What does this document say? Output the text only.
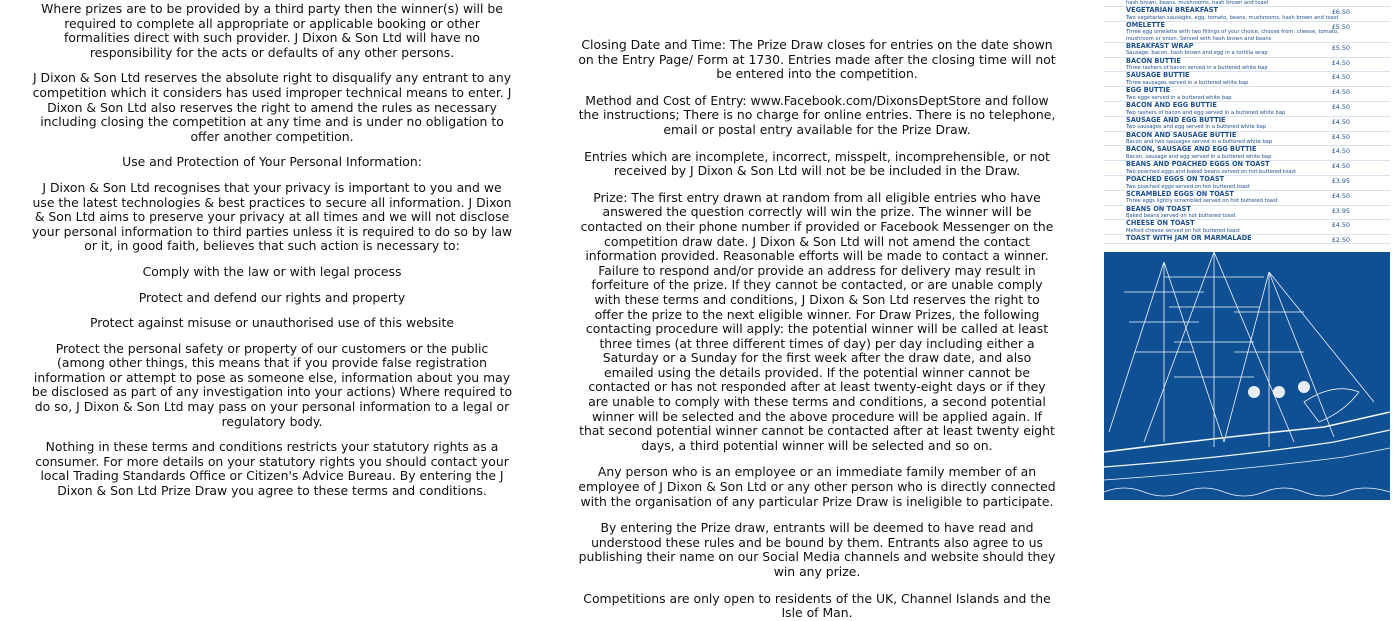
Where prizes are to be provided by a third party then the winner(s) will be required to complete all appropriate or applicable booking or other formalities direct with such provider. J Dixon & Son Ltd will have no responsibility for the acts or defaults of any other persons.

J Dixon & Son Ltd reserves the absolute right to disqualify any entrant to any competition which it considers has used improper technical means to enter. J Dixon & Son Ltd also reserves the right to amend the rules as necessary including closing the competition at any time and is under no obligation to offer another competition.

Use and Protection of Your Personal Information:

J Dixon & Son Ltd recognises that your privacy is important to you and we use the latest technologies & best practices to secure all information. J Dixon & Son Ltd aims to preserve your privacy at all times and we will not disclose your personal information to third parties unless it is required to do so by law or it, in good faith, believes that such action is necessary to:

Comply with the law or with legal process

Protect and defend our rights and property

Protect against misuse or unauthorised use of this website

Protect the personal safety or property of our customers or the public (among other things, this means that if you provide false registration information or attempt to pose as someone else, information about you may be disclosed as part of any investigation into your actions) Where required to do so, J Dixon & Son Ltd may pass on your personal information to a legal or regulatory body.

Nothing in these terms and conditions restricts your statutory rights as a consumer. For more details on your statutory rights you should contact your local Trading Standards Office or Citizen's Advice Bureau. By entering the J Dixon & Son Ltd Prize Draw you agree to these terms and conditions.

Closing Date and Time: The Prize Draw closes for entries on the date shown on the Entry Page/ Form at 1730. Entries made after the closing time will not be entered into the competition.

Method and Cost of Entry: www.Facebook.com/DixonsDeptStore and follow the instructions; There is no charge for online entries. There is no telephone, email or postal entry available for the Prize Draw.

Entries which are incomplete, incorrect, misspelt, incomprehensible, or not received by J Dixon & Son Ltd will not be be included in the Draw.

Prize: The first entry drawn at random from all eligible entries who have answered the question correctly will win the prize. The winner will be contacted on their phone number if provided or Facebook Messenger on the competition draw date. J Dixon & Son Ltd will not amend the contact information provided. Reasonable efforts will be made to contact a winner. Failure to respond and/or provide an address for delivery may result in forfeiture of the prize. If they cannot be contacted, or are unable comply with these terms and conditions, J Dixon & Son Ltd reserves the right to offer the prize to the next eligible winner. For Draw Prizes, the following contacting procedure will apply: the potential winner will be called at least three times (at three different times of day) per day including either a Saturday or a Sunday for the first week after the draw date, and also emailed using the details provided. If the potential winner cannot be contacted or has not responded after at least twenty-eight days or if they are unable to comply with these terms and conditions, a second potential winner will be selected and the above procedure will be applied again. If that second potential winner cannot be contacted after at least twenty eight days, a third potential winner will be selected and so on.

Any person who is an employee or an immediate family member of an employee of J Dixon & Son Ltd or any other person who is directly connected with the organisation of any particular Prize Draw is ineligible to participate.

By entering the Prize draw, entrants will be deemed to have read and understood these rules and be bound by them. Entrants also agree to us publishing their name on our Social Media channels and website should they win any prize.

Competitions are only open to residents of the UK, Channel Islands and the Isle of Man.

hash brown, beans, mushrooms, hash brown and toast
VEGETARIAN BREAKFAST
Two vegetarian sausages, egg, tomato, beans, mushrooms, hash brown and toast
£6.50
OMELETTE
Three egg omelette with two fillings of your choice, choose from: cheese, tomato, mushroom or onion. Served with hash brown and beans
£5.50
BREAKFAST WRAP
Sausage, bacon, hash brown and egg in a tortilla wrap
£5.50
BACON BUTTIE
Three rashers of bacon served in a buttered white bap
£4.50
SAUSAGE BUTTIE
Three sausages served in a buttered white bap
£4.50
EGG BUTTIE
Two eggs served in a buttered white bap
£4.50
BACON AND EGG BUTTIE
Two rashers of bacon and egg served in a buttered white bap
£4.50
SAUSAGE AND EGG BUTTIE
Two sausages and egg served in a buttered white bap
£4.50
BACON AND SAUSAGE BUTTIE
Bacon and two sausages served in a buttered white bap
£4.50
BACON, SAUSAGE AND EGG BUTTIE
Bacon, sausage and egg served in a buttered white bap
£4.50
BEANS AND POACHED EGGS ON TOAST
Two poached eggs and baked beans served on hot buttered toast
£4.50
POACHED EGGS ON TOAST
Two poached eggs served on hot buttered toast
£3.95
SCRAMBLED EGGS ON TOAST
Three eggs lightly scrambled served on hot buttered toast
£4.50
BEANS ON TOAST
Baked beans served on hot buttered toast
£3.95
CHEESE ON TOAST
Melted cheese served on hot buttered toast
£4.50
TOAST WITH JAM OR MARMALADE	£2.50
